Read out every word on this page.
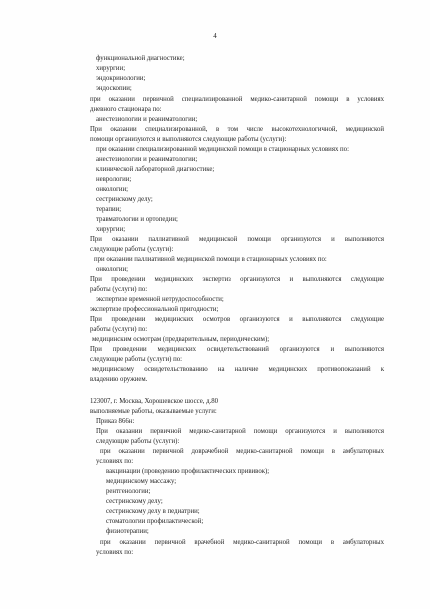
4
функциональной диагностике;
хирургии;
эндокринологии;
эндоскопии;
при оказании первичной специализированной медико-санитарной помощи в условиях
дневного стационара по:
анестезиологии и реаниматологии;
При оказании специализированной, в том числе высокотехнологичной, медицинской
помощи организуются и выполняются следующие работы (услуги):
при оказании специализированной медицинской помощи в стационарных условиях по:
анестезиологии и реаниматологии;
клинической лабораторной диагностике;
неврологии;
онкологии;
сестринскому делу;
терапии;
травматологии и ортопедии;
хирургии;
При оказании паллиативной медицинской помощи организуются и выполняются
следующие работы (услуги):
при оказании паллиативной медицинской помощи в стационарных условиях по:
онкологии;
При проведении медицинских экспертиз организуются и выполняются следующие
работы (услуги) по:
экспертизе временной нетрудоспособности;
экспертизе профессиональной пригодности;
При проведении медицинских осмотров организуются и выполняются следующие
работы (услуги) по:
медицинским осмотрам (предварительным, периодическим);
При проведении медицинских освидетельствований организуются и выполняются
следующие работы (услуги) по:
медицинскому освидетельствованию на наличие медицинских противопоказаний к
владению оружием.
123007, г. Москва, Хорошевское шоссе, д.80
выполняемые работы, оказываемые услуги:
Приказ 866н:
При оказании первичной медико-санитарной помощи организуются и выполняются
следующие работы (услуги):
при оказании первичной доврачебной медико-санитарной помощи в амбулаторных
условиях по:
вакцинации (проведению профилактических прививок);
медицинскому массажу;
рентгенологии;
сестринскому делу;
сестринскому делу в педиатрии;
стоматологии профилактической;
физиотерапии;
при оказании первичной врачебной медико-санитарной помощи в амбулаторных
условиях по:
